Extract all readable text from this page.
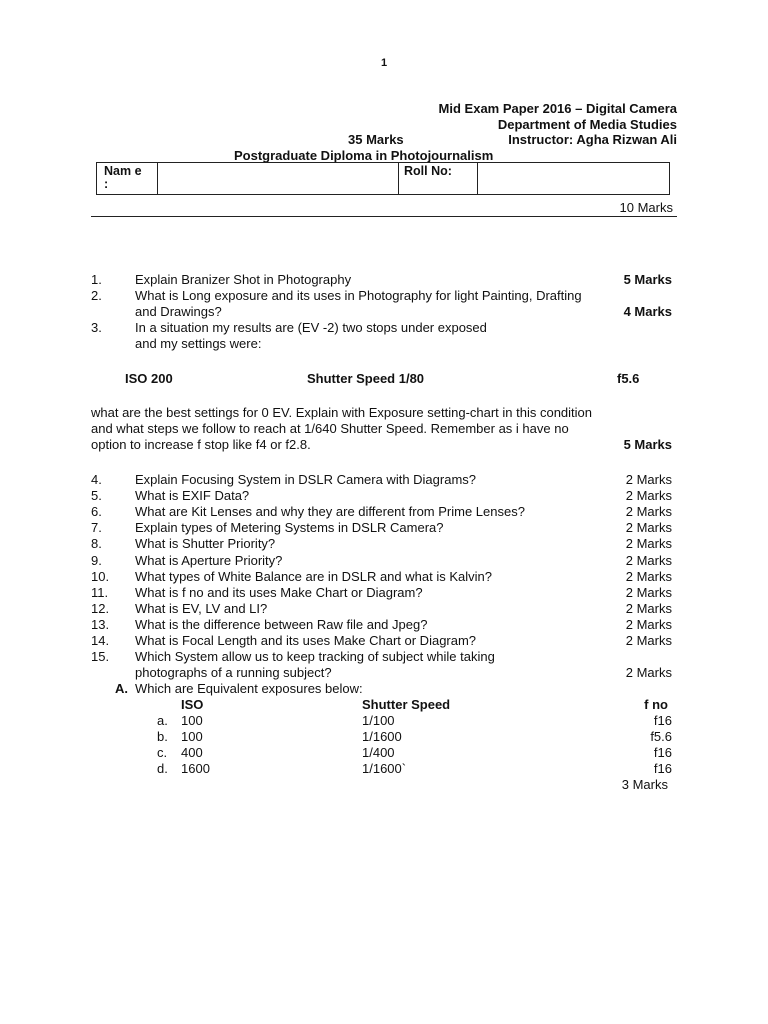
1
Mid Exam Paper 2016 – Digital Camera
Department of Media Studies
35 Marks	Instructor: Agha Rizwan Ali
Postgraduate Diploma in Photojournalism
Nam e
:
Roll No:
10 Marks
1.	Explain Branizer Shot in Photography	5 Marks
2.	What is Long exposure and its uses in Photography for light Painting, Drafting
and Drawings?	4 Marks
3.	In a situation my results are (EV -2) two stops under exposed
and my settings were:
ISO 200	Shutter Speed 1/80	f5.6
what are the best settings for 0 EV. Explain with Exposure setting-chart in this condition
and what steps we follow to reach at 1/640 Shutter Speed. Remember as i have no
option to increase f stop like f4 or f2.8.	5 Marks
4.	Explain Focusing System in DSLR Camera with Diagrams?	2 Marks
5.	What is EXIF Data?	2 Marks
6.	What are Kit Lenses and why they are different from Prime Lenses?	2 Marks
7.	Explain types of Metering Systems in DSLR Camera?	2 Marks
8.	What is Shutter Priority?	2 Marks
9.	What is Aperture Priority?	2 Marks
10.	What types of White Balance are in DSLR and what is Kalvin?	2 Marks
11.	What is f no and its uses Make Chart or Diagram?	2 Marks
12.	What is EV, LV and LI?	2 Marks
13.	What is the difference between Raw file and Jpeg?	2 Marks
14.	What is Focal Length and its uses Make Chart or Diagram?	2 Marks
15.	Which System allow us to keep tracking of subject while taking
photographs of a running subject?	2 Marks
A. Which are Equivalent exposures below:
ISO	Shutter Speed	f no
a. 100	1/100	f16
b. 100	1/1600	f5.6
c. 400	1/400	f16
d. 1600	1/1600`	f16
3 Marks
